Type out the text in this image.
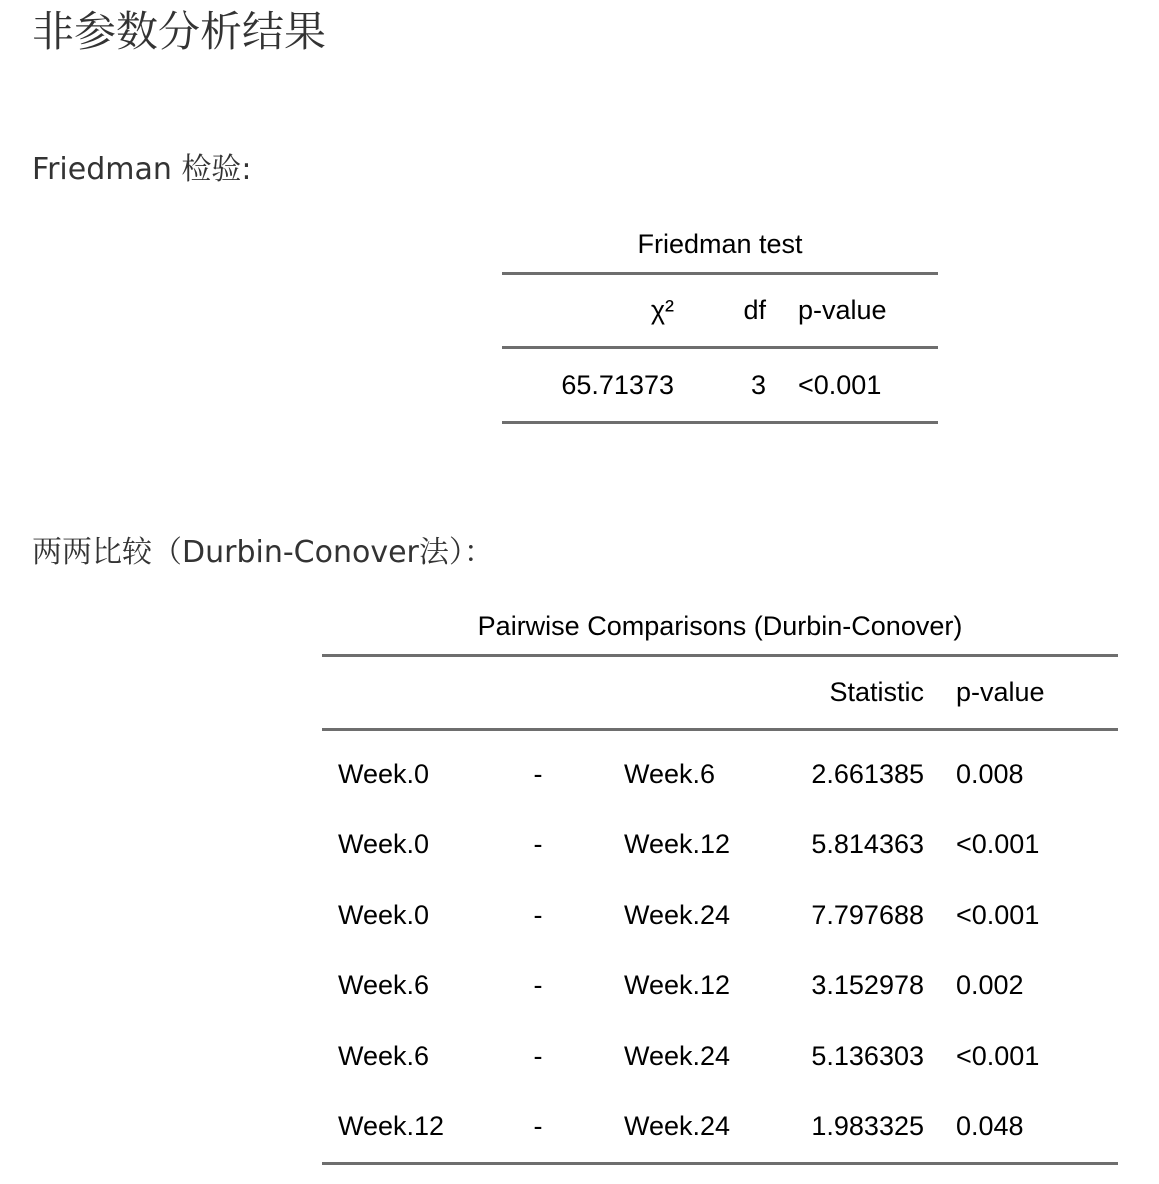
非参数分析结果
Friedman 检验:
Friedman test
χ²	df	p-value
65.71373	3	<0.001
两两比较（Durbin-Conover法）：
Pairwise Comparisons (Durbin-Conover)
			Statistic	p-value
Week.0	-	Week.6	2.661385	0.008
Week.0	-	Week.12	5.814363	<0.001
Week.0	-	Week.24	7.797688	<0.001
Week.6	-	Week.12	3.152978	0.002
Week.6	-	Week.24	5.136303	<0.001
Week.12	-	Week.24	1.983325	0.048
